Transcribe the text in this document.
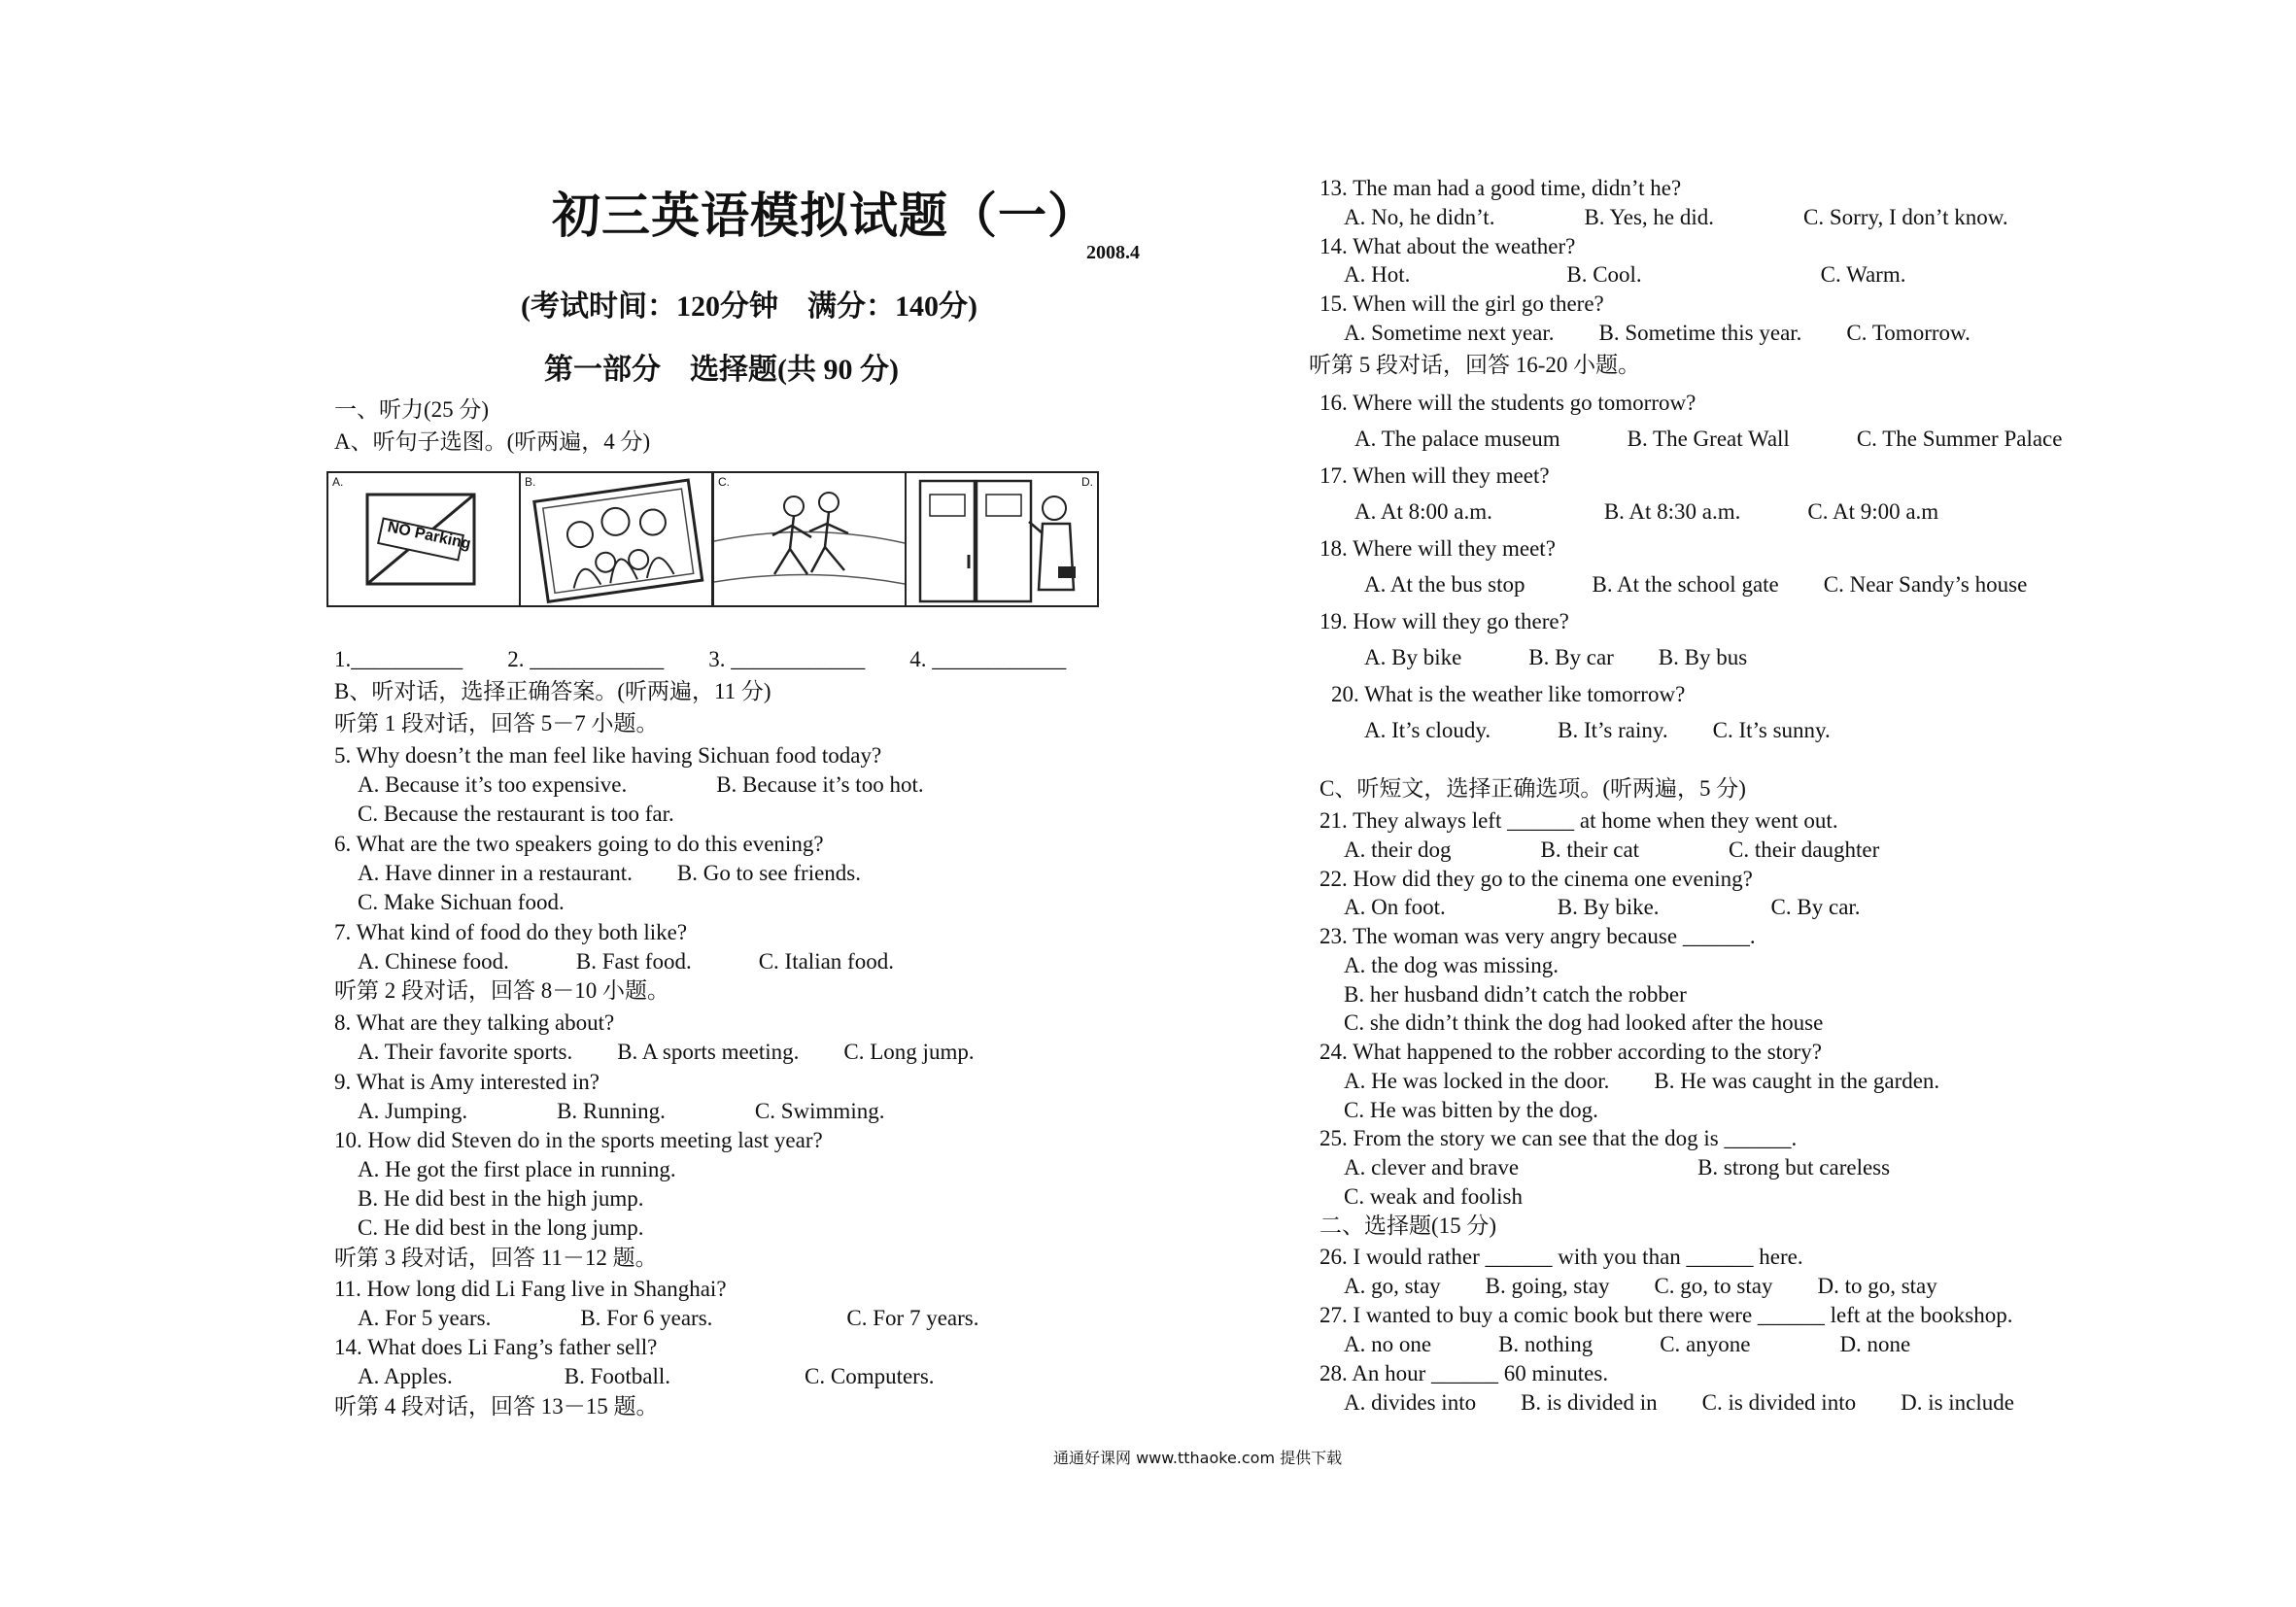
初三英语模拟试题（一）
2008.4
(考试时间：120分钟　满分：140分)
第一部分　选择题(共 90 分)
一、听力(25 分)
A、听句子选图。(听两遍，4 分)
A.
NO Parking
B.	C.	D.
1.__________　　2. ____________　　3. ____________　　4. ____________
B、听对话，选择正确答案。(听两遍，11 分)
听第 1 段对话，回答 5－7 小题。
5. Why doesn’t the man feel like having Sichuan food today?
A. Because it’s too expensive.　　　　B. Because it’s too hot.
C. Because the restaurant is too far.
6. What are the two speakers going to do this evening?
A. Have dinner in a restaurant.　　B. Go to see friends.
C. Make Sichuan food.
7. What kind of food do they both like?
A. Chinese food.　　　B. Fast food.　　　C. Italian food.
听第 2 段对话，回答 8－10 小题。
8. What are they talking about?
A. Their favorite sports.　　B. A sports meeting.　　C. Long jump.
9. What is Amy interested in?
A. Jumping.　　　　B. Running.　　　　C. Swimming.
10. How did Steven do in the sports meeting last year?
A. He got the first place in running.
B. He did best in the high jump.
C. He did best in the long jump.
听第 3 段对话，回答 11－12 题。
11. How long did Li Fang live in Shanghai?
A. For 5 years.　　　　B. For 6 years.　　　　　　C. For 7 years.
14. What does Li Fang’s father sell?
A. Apples.　　　　　B. Football.　　　　　　C. Computers.
听第 4 段对话，回答 13－15 题。
13. The man had a good time, didn’t he?
A. No, he didn’t.　　　　B. Yes, he did.　　　　C. Sorry, I don’t know.
14. What about the weather?
A. Hot.　　　　　　　B. Cool.　　　　　　　　C. Warm.
15. When will the girl go there?
A. Sometime next year.　　B. Sometime this year.　　C. Tomorrow.
听第 5 段对话，回答 16-20 小题。
16. Where will the students go tomorrow?
A. The palace museum　　　B. The Great Wall　　　C. The Summer Palace
17. When will they meet?
A. At 8:00 a.m.　　　　　B. At 8:30 a.m.　　　C. At 9:00 a.m
18. Where will they meet?
A. At the bus stop　　　B. At the school gate　　C. Near Sandy’s house
19. How will they go there?
A. By bike　　　B. By car　　B. By bus
20. What is the weather like tomorrow?
A. It’s cloudy.　　　B. It’s rainy.　　C. It’s sunny.
C、听短文，选择正确选项。(听两遍，5 分)
21. They always left ______ at home when they went out.
A. their dog　　　　B. their cat　　　　C. their daughter
22. How did they go to the cinema one evening?
A. On foot.　　　　　B. By bike.　　　　　C. By car.
23. The woman was very angry because ______.
A. the dog was missing.
B. her husband didn’t catch the robber
C. she didn’t think the dog had looked after the house
24. What happened to the robber according to the story?
A. He was locked in the door.　　B. He was caught in the garden.
C. He was bitten by the dog.
25. From the story we can see that the dog is ______.
A. clever and brave　　　　　　　　B. strong but careless
C. weak and foolish
二、选择题(15 分)
26. I would rather ______ with you than ______ here.
A. go, stay　　B. going, stay　　C. go, to stay　　D. to go, stay
27. I wanted to buy a comic book but there were ______ left at the bookshop.
A. no one　　　B. nothing　　　C. anyone　　　　D. none
28. An hour ______ 60 minutes.
A. divides into　　B. is divided in　　C. is divided into　　D. is include
通通好课网 www.tthaoke.com 提供下载
